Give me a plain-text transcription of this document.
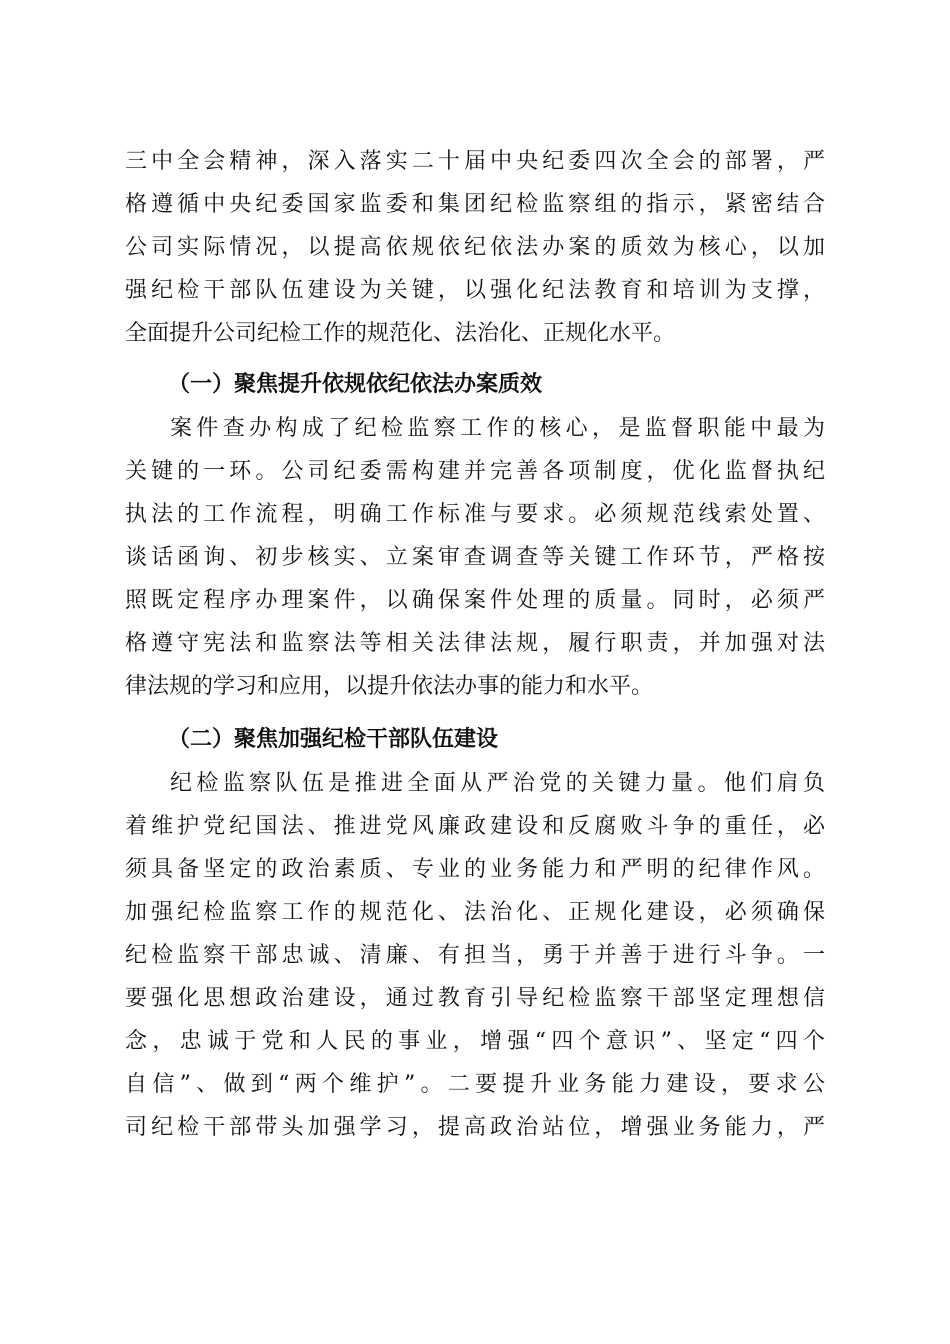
三中全会精神，深入落实二十届中央纪委四次全会的部署，严
格遵循中央纪委国家监委和集团纪检监察组的指示，紧密结合
公司实际情况，以提高依规依纪依法办案的质效为核心，以加
强纪检干部队伍建设为关键，以强化纪法教育和培训为支撑，
全面提升公司纪检工作的规范化、法治化、正规化水平。
（一）聚焦提升依规依纪依法办案质效
案件查办构成了纪检监察工作的核心，是监督职能中最为
关键的一环。公司纪委需构建并完善各项制度，优化监督执纪
执法的工作流程，明确工作标准与要求。必须规范线索处置、
谈话函询、初步核实、立案审查调查等关键工作环节，严格按
照既定程序办理案件，以确保案件处理的质量。同时，必须严
格遵守宪法和监察法等相关法律法规，履行职责，并加强对法
律法规的学习和应用，以提升依法办事的能力和水平。
（二）聚焦加强纪检干部队伍建设
纪检监察队伍是推进全面从严治党的关键力量。他们肩负
着维护党纪国法、推进党风廉政建设和反腐败斗争的重任，必
须具备坚定的政治素质、专业的业务能力和严明的纪律作风。
加强纪检监察工作的规范化、法治化、正规化建设，必须确保
纪检监察干部忠诚、清廉、有担当，勇于并善于进行斗争。一
要强化思想政治建设，通过教育引导纪检监察干部坚定理想信
念，忠诚于党和人民的事业，增强“四个意识”、坚定“四个
自信”、做到“两个维护”。二要提升业务能力建设，要求公
司纪检干部带头加强学习，提高政治站位，增强业务能力，严
